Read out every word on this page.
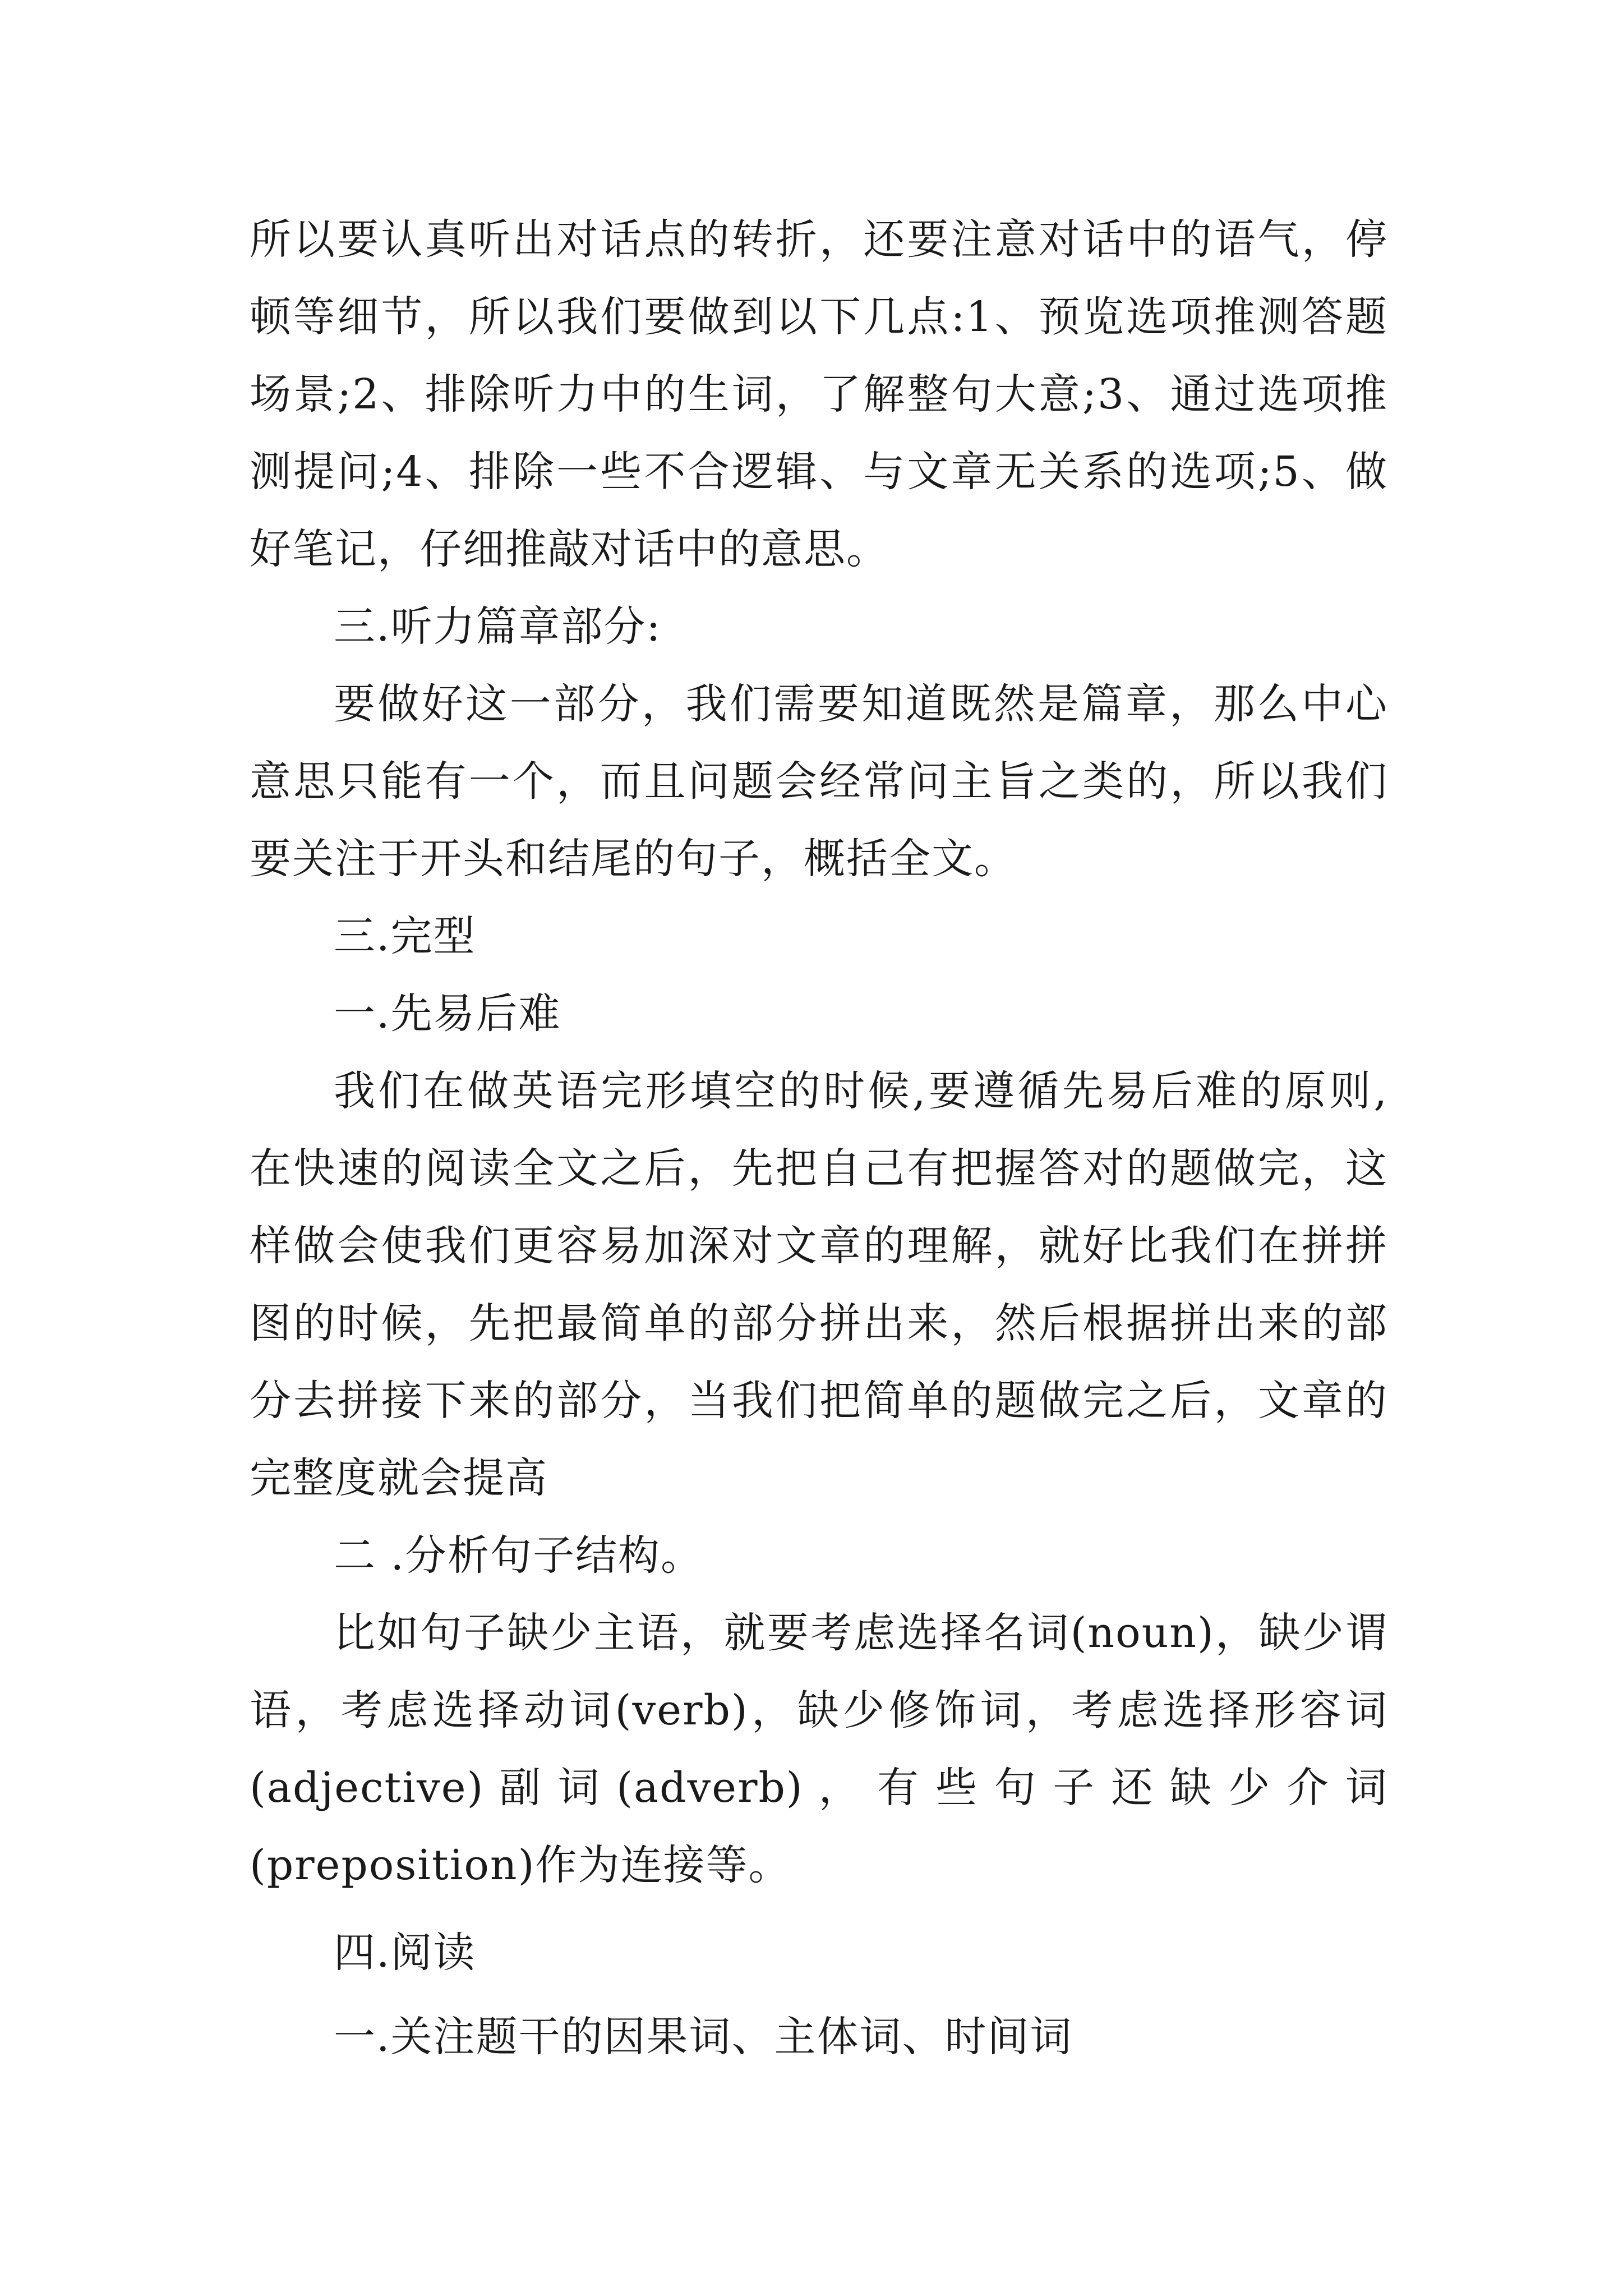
所以要认真听出对话点的转折，还要注意对话中的语气，停
顿等细节，所以我们要做到以下几点:1、预览选项推测答题
场景;2、排除听力中的生词，了解整句大意;3、通过选项推
测提问;4、排除一些不合逻辑、与文章无关系的选项;5、做
好笔记，仔细推敲对话中的意思。
三.听力篇章部分:
要做好这一部分，我们需要知道既然是篇章，那么中心
意思只能有一个，而且问题会经常问主旨之类的，所以我们
要关注于开头和结尾的句子，概括全文。
三.完型
一.先易后难
我们在做英语完形填空的时候,要遵循先易后难的原则,
在快速的阅读全文之后，先把自己有把握答对的题做完，这
样做会使我们更容易加深对文章的理解，就好比我们在拼拼
图的时候，先把最简单的部分拼出来，然后根据拼出来的部
分去拼接下来的部分，当我们把简单的题做完之后，文章的
完整度就会提高
二 .分析句子结构。
比如句子缺少主语，就要考虑选择名词(noun)，缺少谓
语，考虑选择动词(verb)，缺少修饰词，考虑选择形容词
(adjective) 副 词 (adverb) ， 有 些 句 子 还 缺 少 介 词
(preposition)作为连接等。
四.阅读
一.关注题干的因果词、主体词、时间词
